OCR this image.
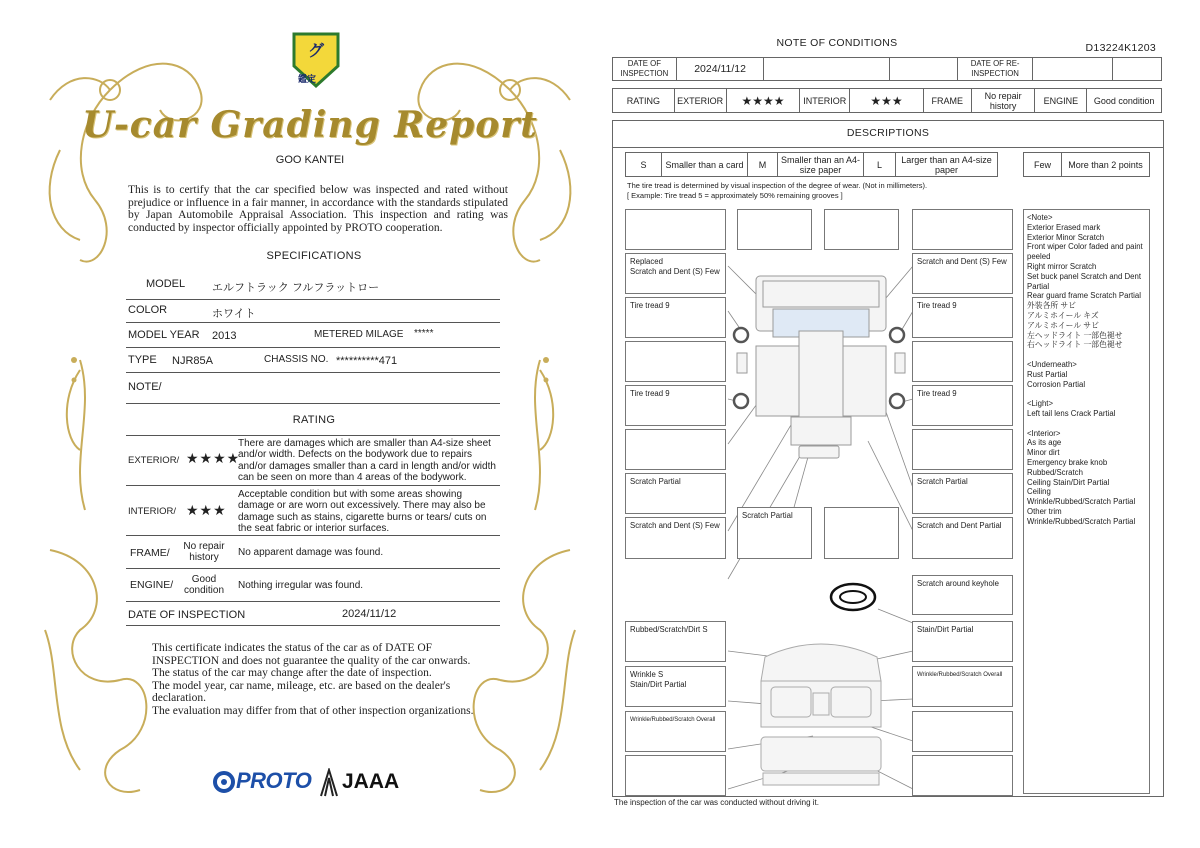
グ
鑑定
U-car Grading Report
GOO KANTEI
This is to certify that the car specified below was inspected and rated without prejudice or influence in a fair manner, in accordance with the standards stipulated by Japan Automobile Appraisal Association. This inspection and rating was conducted by inspector officially appointed by PROTO cooperation.
SPECIFICATIONS
MODEL エルフトラック フルフラットロー
COLOR	ホワイト
MODEL YEAR 2013	METERED MILAGE *****
TYPE NJR85A	CHASSIS NO. **********471
NOTE/
RATING
EXTERIOR/ ★★★★
There are damages which are smaller than A4-size sheet and/or width. Defects on the bodywork due to repairs and/or damages smaller than a card in length and/or width can be seen on more than 4 areas of the bodywork.
INTERIOR/ ★★★
Acceptable condition but with some areas showing damage or are worn out excessively. There may also be damage such as stains, cigarette burns or tears/ cuts on the seat fabric or interior surfaces.
FRAME/
No repair history	No apparent damage was found.
ENGINE/	Good condition Nothing irregular was found.
DATE OF INSPECTION	2024/11/12
This certificate indicates the status of the car as of DATE OF INSPECTION and does not guarantee the quality of the car onwards.
The status of the car may change after the date of inspection.
The model year, car name, mileage, etc. are based on the dealer's declaration.
The evaluation may differ from that of other inspection organizations.
PROTO JAAA
NOTE OF CONDITIONS	D13224K1203
DATE OF INSPECTION	2024/11/12	DATE OF RE-INSPECTION
RATING	EXTERIOR	★★★★	INTERIOR	★★★	FRAME	No repair history	ENGINE	Good condition
DESCRIPTIONS
S	Smaller than a card	M	Smaller than an A4-size paper	L	Larger than an A4-size paper	Few	More than 2 points
The tire tread is determined by visual inspection of the degree of wear. (Not in millimeters).
[ Example: Tire tread 5 = approximately 50% remaining grooves ]
Replaced
Scratch and Dent (S) Few
Tire tread 9
Tire tread 9
Scratch Partial
Scratch and Dent (S) Few
Scratch Partial
Scratch and Dent (S) Few
Tire tread 9
Tire tread 9
Scratch Partial
Scratch and Dent Partial
Scratch around keyhole
Rubbed/Scratch/Dirt S
Wrinkle S
Stain/Dirt Partial
Wrinkle/Rubbed/Scratch Overall
Stain/Dirt Partial
Wrinkle/Rubbed/Scratch Overall
<Note>
Exterior Erased mark
Exterior Minor Scratch
Front wiper Color faded and paint peeled
Right mirror Scratch
Set buck panel Scratch and Dent Partial
Rear guard frame Scratch Partial
外装各所 サビ
アルミホイール キズ
アルミホイール サビ
左ヘッドライト 一部色褪せ
右ヘッドライト 一部色褪せ

<Underneath>
Rust Partial
Corrosion Partial

<Light>
Left tail lens Crack Partial

<Interior>
As its age
Minor dirt
Emergency brake knob Rubbed/Scratch
Ceiling Stain/Dirt Partial
Ceiling
Wrinkle/Rubbed/Scratch Partial
Other trim
Wrinkle/Rubbed/Scratch Partial
The inspection of the car was conducted without driving it.
